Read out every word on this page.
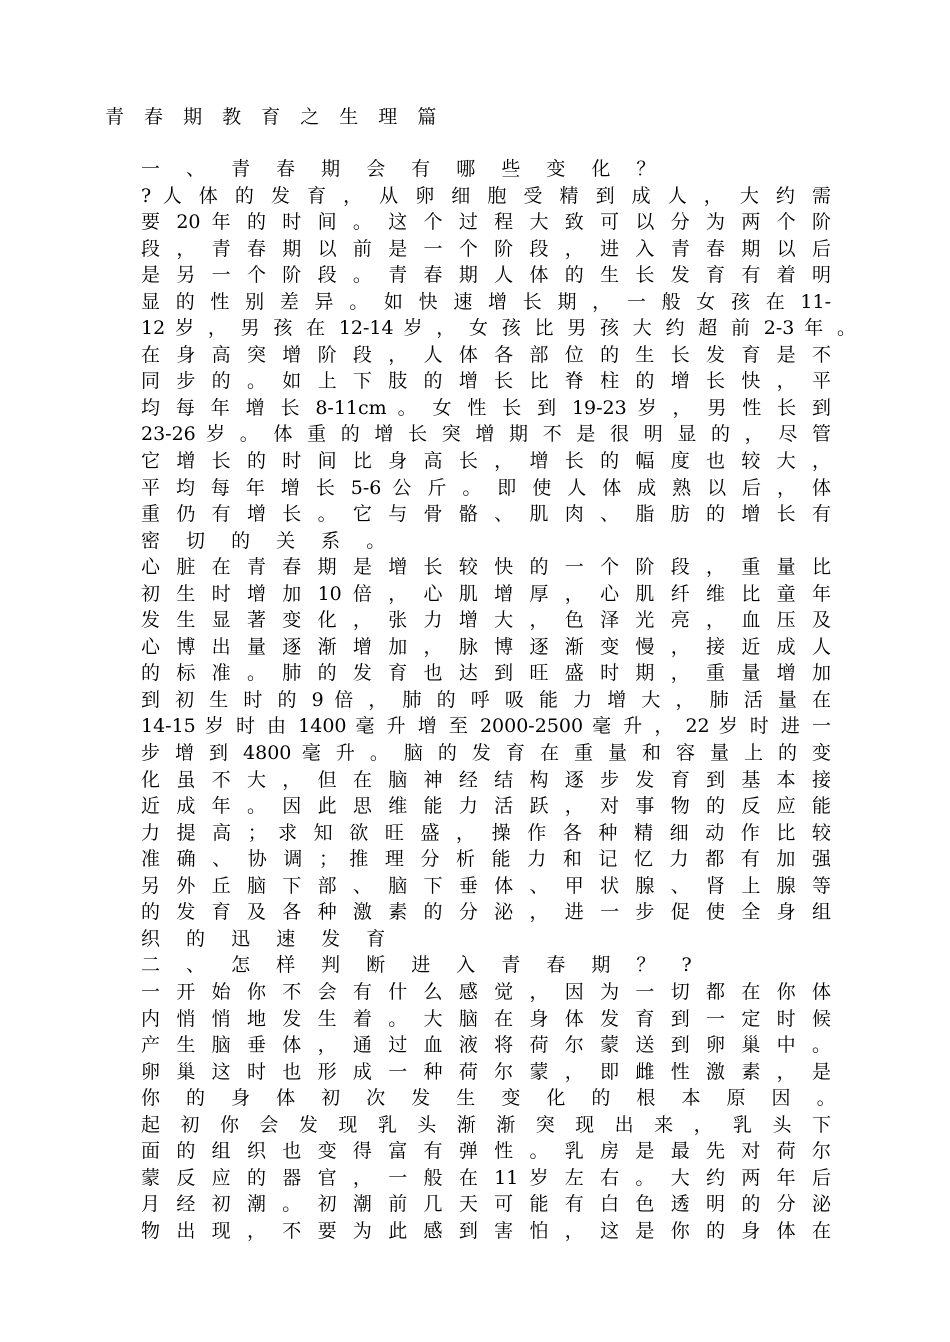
青 春 期 教 育 之 生 理 篇
一 、 青 春 期 会 有 哪 些 变 化 ？
? 人 体 的 发 育 ， 从 卵 细 胞 受 精 到 成 人 ， 大 约 需
要 20 年 的 时 间 。 这 个 过 程 大 致 可 以 分 为 两 个 阶
段 ， 青 春 期 以 前 是 一 个 阶 段 ， 进 入 青 春 期 以 后
是 另 一 个 阶 段 。 青 春 期 人 体 的 生 长 发 育 有 着 明
显 的 性 别 差 异 。 如 快 速 增 长 期 ， 一 般 女 孩 在 11-
12 岁 ， 男 孩 在 12-14 岁 ， 女 孩 比 男 孩 大 约 超 前 2-3 年 。
在 身 高 突 增 阶 段 ， 人 体 各 部 位 的 生 长 发 育 是 不
同 步 的 。 如 上 下 肢 的 增 长 比 脊 柱 的 增 长 快 ， 平
均 每 年 增 长 8-11cm 。 女 性 长 到 19-23 岁 ， 男 性 长 到
23-26 岁 。 体 重 的 增 长 突 增 期 不 是 很 明 显 的 ， 尽 管
它 增 长 的 时 间 比 身 高 长 ， 增 长 的 幅 度 也 较 大 ，
平 均 每 年 增 长 5-6 公 斤 。 即 使 人 体 成 熟 以 后 ， 体
重 仍 有 增 长 。 它 与 骨 骼 、 肌 肉 、 脂 肪 的 增 长 有
密 切 的 关 系 。
心 脏 在 青 春 期 是 增 长 较 快 的 一 个 阶 段 ， 重 量 比
初 生 时 增 加 10 倍 ， 心 肌 增 厚 ， 心 肌 纤 维 比 童 年
发 生 显 著 变 化 ， 张 力 增 大 ， 色 泽 光 亮 ， 血 压 及
心 博 出 量 逐 渐 增 加 ， 脉 博 逐 渐 变 慢 ， 接 近 成 人
的 标 准 。 肺 的 发 育 也 达 到 旺 盛 时 期 ， 重 量 增 加
到 初 生 时 的 9 倍 ， 肺 的 呼 吸 能 力 增 大 ， 肺 活 量 在
14-15 岁 时 由 1400 毫 升 增 至 2000-2500 毫 升 ， 22 岁 时 进 一
步 增 到 4800 毫 升 。 脑 的 发 育 在 重 量 和 容 量 上 的 变
化 虽 不 大 ， 但 在 脑 神 经 结 构 逐 步 发 育 到 基 本 接
近 成 年 。 因 此 思 维 能 力 活 跃 ， 对 事 物 的 反 应 能
力 提 高 ； 求 知 欲 旺 盛 ， 操 作 各 种 精 细 动 作 比 较
准 确 、 协 调 ； 推 理 分 析 能 力 和 记 忆 力 都 有 加 强
另 外 丘 脑 下 部 、 脑 下 垂 体 、 甲 状 腺 、 肾 上 腺 等
的 发 育 及 各 种 激 素 的 分 泌 ， 进 一 步 促 使 全 身 组
织 的 迅 速 发 育
二 、 怎 样 判 断 进 入 青 春 期 ？ ?
一 开 始 你 不 会 有 什 么 感 觉 ， 因 为 一 切 都 在 你 体
内 悄 悄 地 发 生 着 。 大 脑 在 身 体 发 育 到 一 定 时 候
产 生 脑 垂 体 ， 通 过 血 液 将 荷 尔 蒙 送 到 卵 巢 中 。
卵 巢 这 时 也 形 成 一 种 荷 尔 蒙 ， 即 雌 性 激 素 ， 是
你 的 身 体 初 次 发 生 变 化 的 根 本 原 因 。
起 初 你 会 发 现 乳 头 渐 渐 突 现 出 来 ， 乳 头 下
面 的 组 织 也 变 得 富 有 弹 性 。 乳 房 是 最 先 对 荷 尔
蒙 反 应 的 器 官 ， 一 般 在 11 岁 左 右 。 大 约 两 年 后
月 经 初 潮 。 初 潮 前 几 天 可 能 有 白 色 透 明 的 分 泌
物 出 现 ， 不 要 为 此 感 到 害 怕 ， 这 是 你 的 身 体 在
